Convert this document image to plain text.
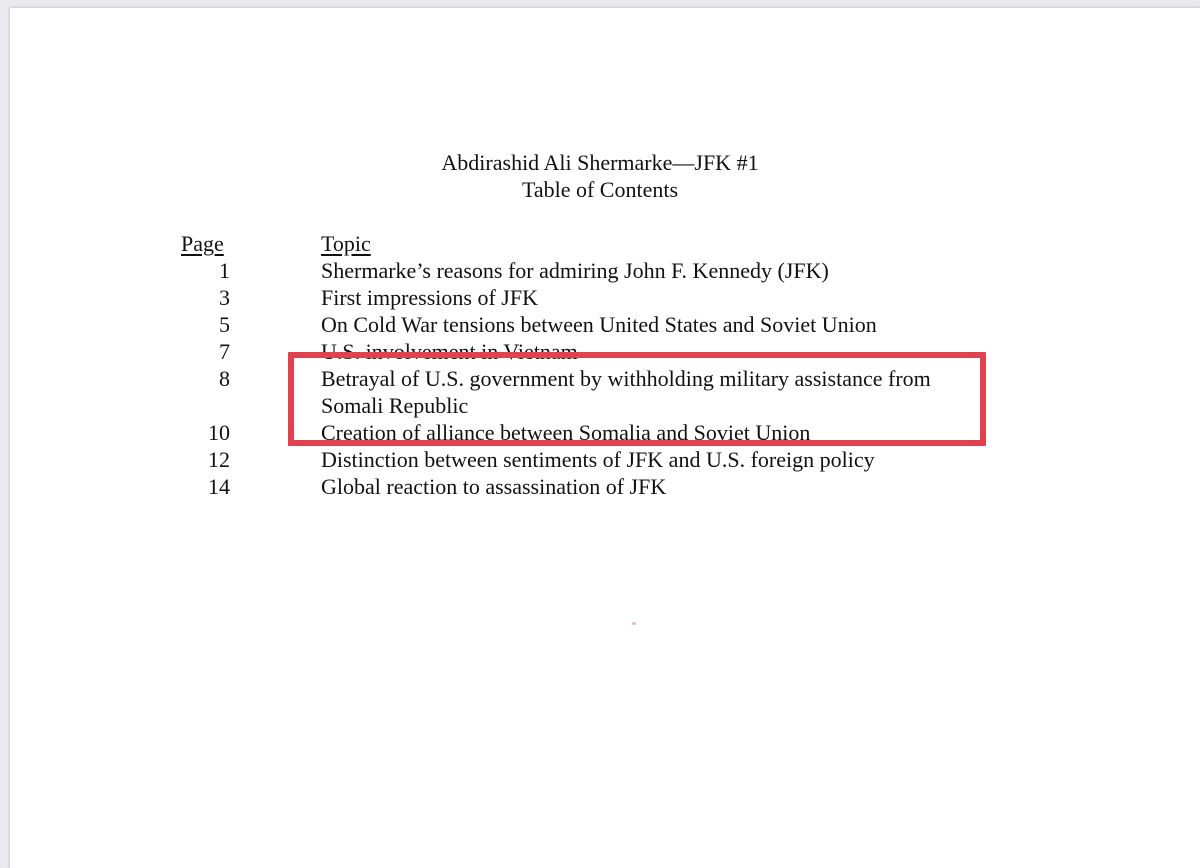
Abdirashid Ali Shermarke—JFK #1
Table of Contents
Page	Topic
1	Shermarke’s reasons for admiring John F. Kennedy (JFK)
3	First impressions of JFK
5	On Cold War tensions between United States and Soviet Union
7	U.S. involvement in Vietnam
8	Betrayal of U.S. government by withholding military assistance from
Somali Republic
10	Creation of alliance between Somalia and Soviet Union
12	Distinction between sentiments of JFK and U.S. foreign policy
14	Global reaction to assassination of JFK
